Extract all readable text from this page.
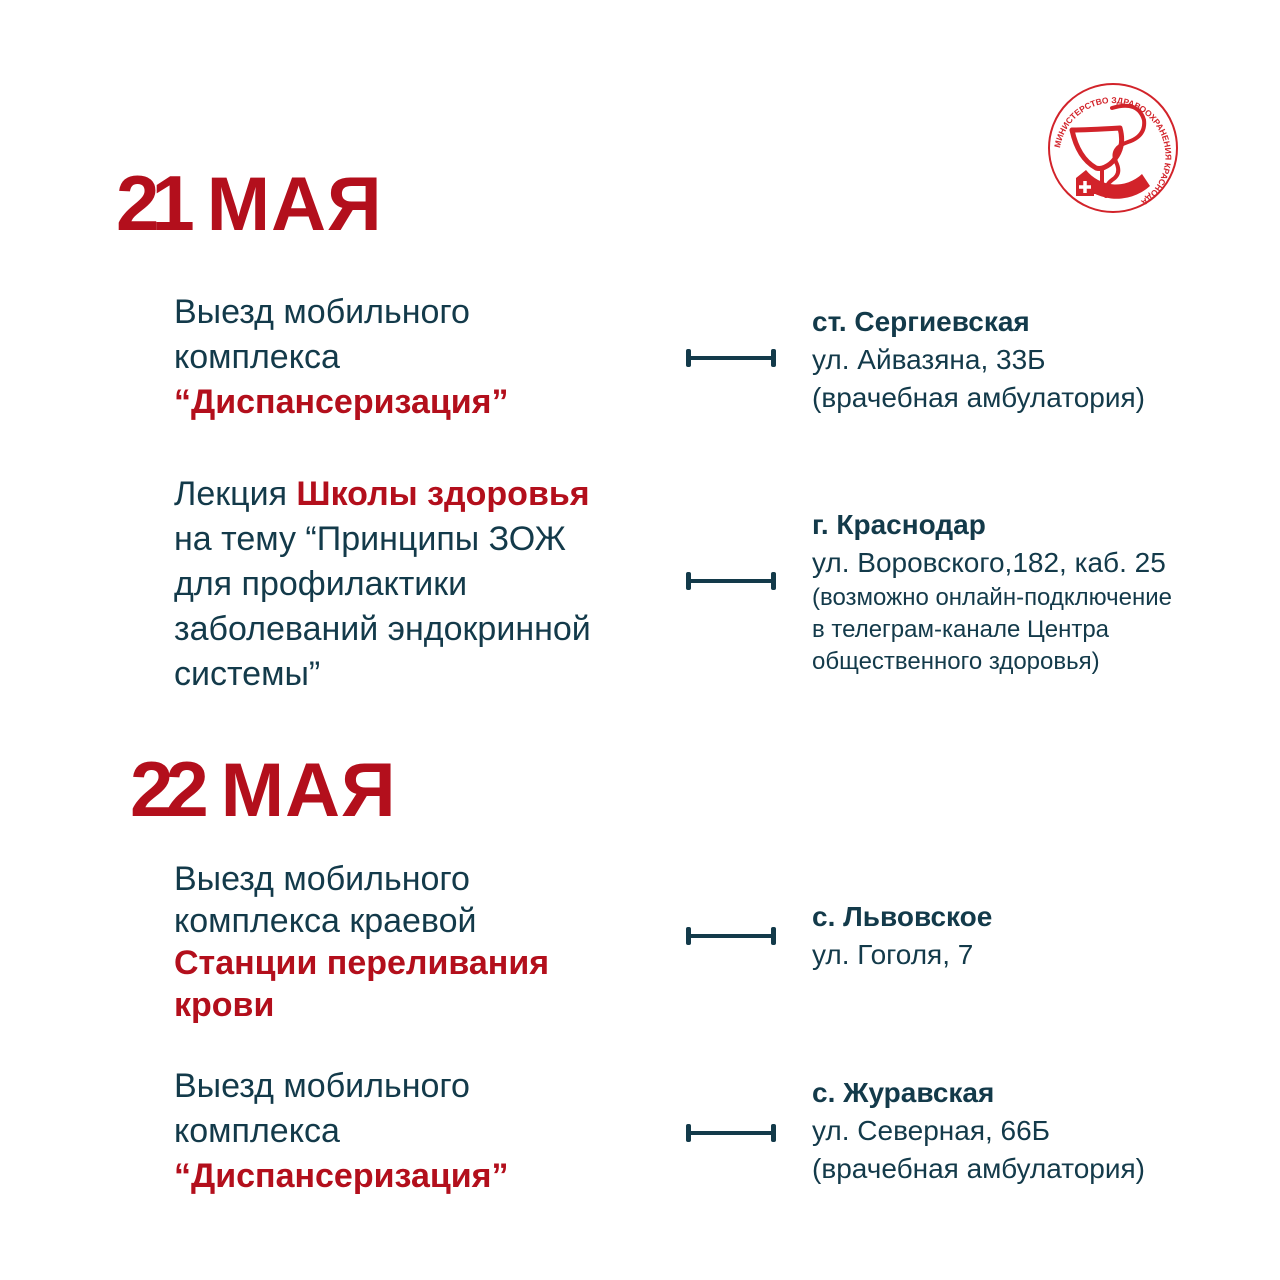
МИНИСТЕРСТВО ЗДРАВООХРАНЕНИЯ КРАСНОДА
21 МАЯ
Выезд мобильного
комплекса
“Диспансеризация”
ст. Сергиевская
ул. Айвазяна, 33Б
(врачебная амбулатория)
Лекция Школы здоровья
на тему “Принципы ЗОЖ
для профилактики
заболеваний эндокринной
системы”
г. Краснодар
ул. Воровского,182, каб. 25
(возможно онлайн-подключение
в телеграм-канале Центра
общественного здоровья)
22 МАЯ
Выезд мобильного
комплекса краевой
Станции переливания
крови
с. Львовское
ул. Гоголя, 7
Выезд мобильного
комплекса
“Диспансеризация”
с. Журавская
ул. Северная, 66Б
(врачебная амбулатория)
